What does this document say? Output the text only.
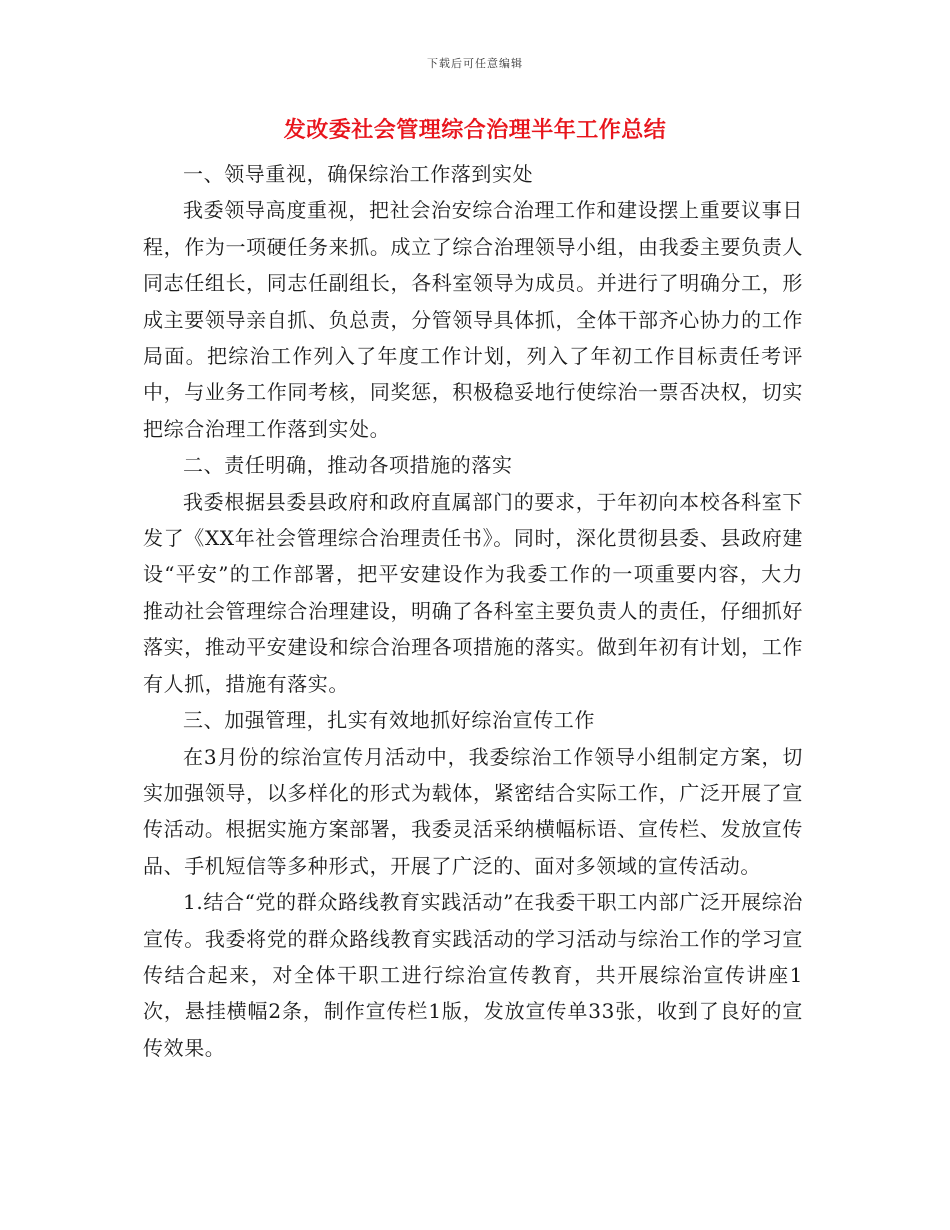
下载后可任意编辑
发改委社会管理综合治理半年工作总结

一、领导重视，确保综治工作落到实处

我委领导高度重视，把社会治安综合治理工作和建设摆上重要议事日程，作为一项硬任务来抓。成立了综合治理领导小组，由我委主要负责人同志任组长，同志任副组长，各科室领导为成员。并进行了明确分工，形成主要领导亲自抓、负总责，分管领导具体抓，全体干部齐心协力的工作局面。把综治工作列入了年度工作计划，列入了年初工作目标责任考评中，与业务工作同考核，同奖惩，积极稳妥地行使综治一票否决权，切实把综合治理工作落到实处。

二、责任明确，推动各项措施的落实

我委根据县委县政府和政府直属部门的要求，于年初向本校各科室下发了《XX年社会管理综合治理责任书》。同时，深化贯彻县委、县政府建设“平安”的工作部署，把平安建设作为我委工作的一项重要内容，大力推动社会管理综合治理建设，明确了各科室主要负责人的责任，仔细抓好落实，推动平安建设和综合治理各项措施的落实。做到年初有计划，工作有人抓，措施有落实。

三、加强管理，扎实有效地抓好综治宣传工作

在3月份的综治宣传月活动中，我委综治工作领导小组制定方案，切实加强领导，以多样化的形式为载体，紧密结合实际工作，广泛开展了宣传活动。根据实施方案部署，我委灵活采纳横幅标语、宣传栏、发放宣传品、手机短信等多种形式，开展了广泛的、面对多领域的宣传活动。

1.结合“党的群众路线教育实践活动”在我委干职工内部广泛开展综治宣传。我委将党的群众路线教育实践活动的学习活动与综治工作的学习宣传结合起来，对全体干职工进行综治宣传教育，共开展综治宣传讲座1次，悬挂横幅2条，制作宣传栏1版，发放宣传单33张，收到了良好的宣传效果。
